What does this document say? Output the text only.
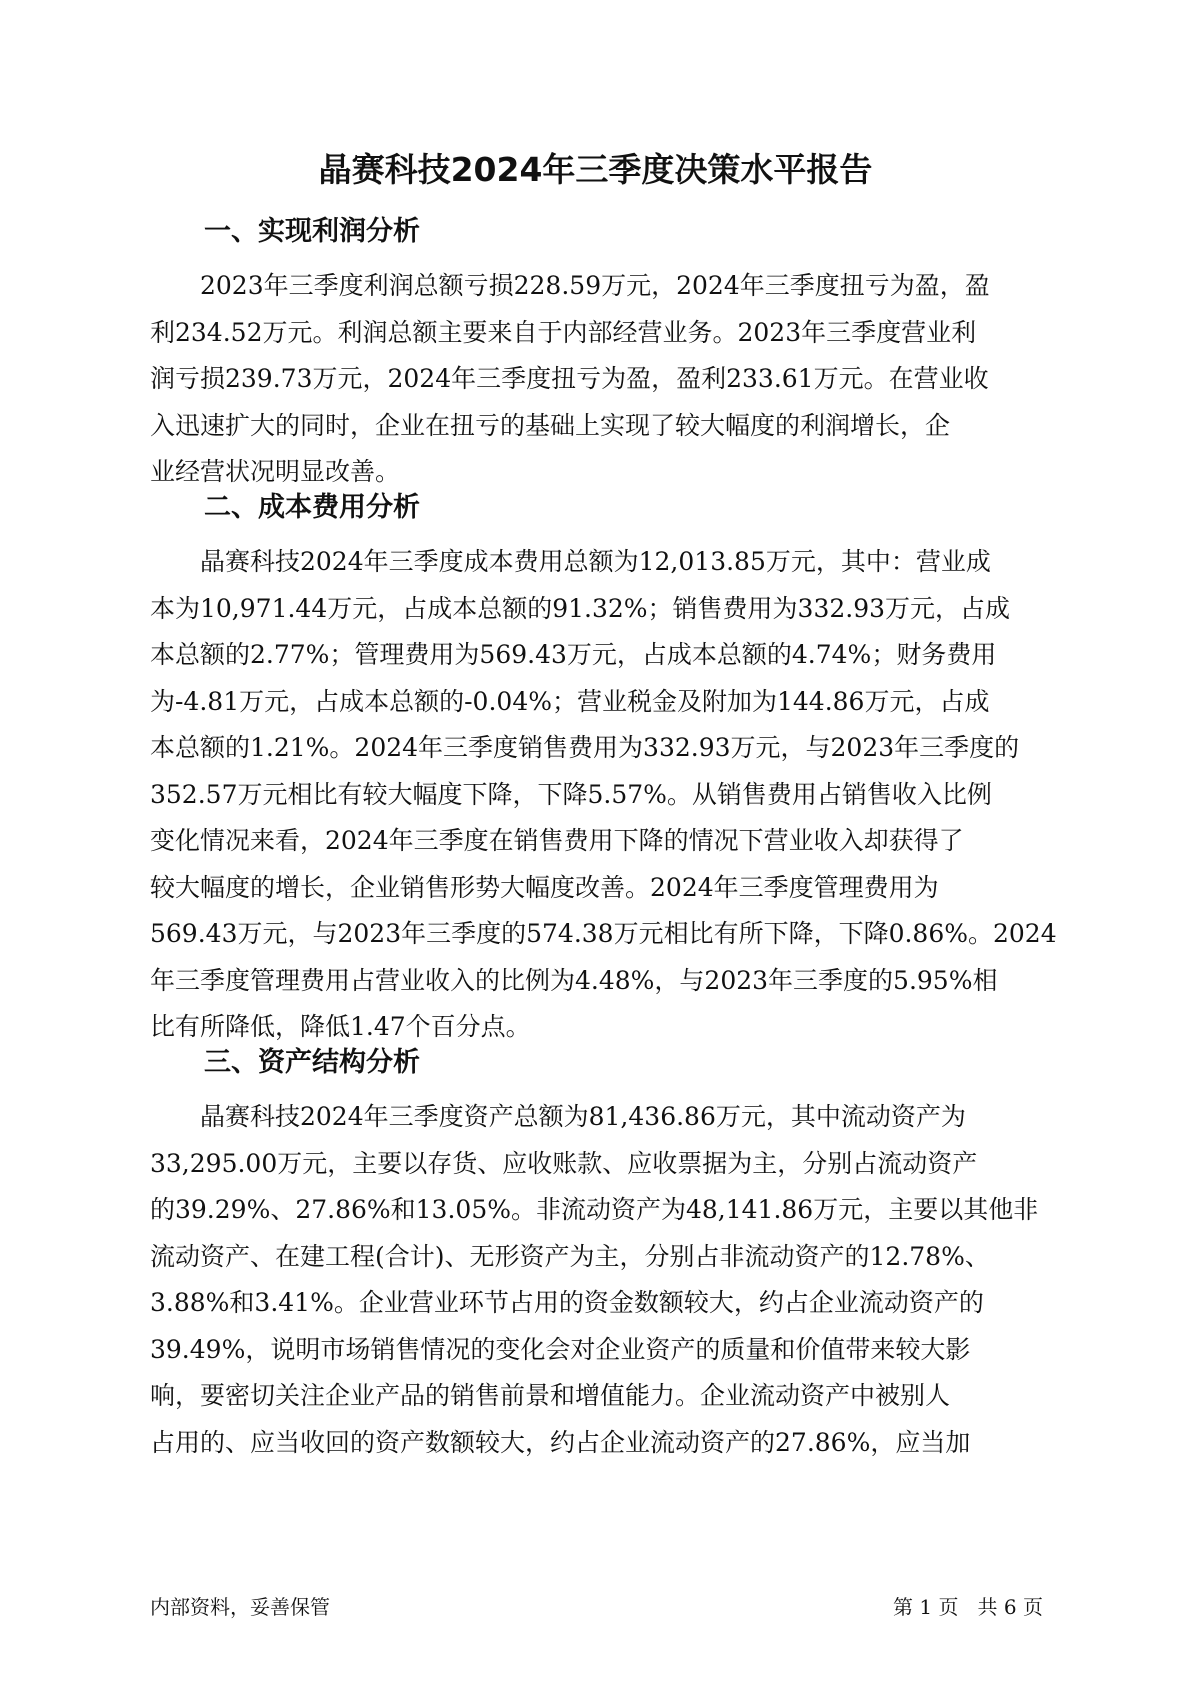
晶赛科技2024年三季度决策水平报告
一、实现利润分析
2023年三季度利润总额亏损228.59万元，2024年三季度扭亏为盈，盈
利234.52万元。利润总额主要来自于内部经营业务。2023年三季度营业利
润亏损239.73万元，2024年三季度扭亏为盈，盈利233.61万元。在营业收
入迅速扩大的同时，企业在扭亏的基础上实现了较大幅度的利润增长，企
业经营状况明显改善。
二、成本费用分析
晶赛科技2024年三季度成本费用总额为12,013.85万元，其中：营业成
本为10,971.44万元，占成本总额的91.32%；销售费用为332.93万元，占成
本总额的2.77%；管理费用为569.43万元，占成本总额的4.74%；财务费用
为-4.81万元，占成本总额的-0.04%；营业税金及附加为144.86万元，占成
本总额的1.21%。2024年三季度销售费用为332.93万元，与2023年三季度的
352.57万元相比有较大幅度下降，下降5.57%。从销售费用占销售收入比例
变化情况来看，2024年三季度在销售费用下降的情况下营业收入却获得了
较大幅度的增长，企业销售形势大幅度改善。2024年三季度管理费用为
569.43万元，与2023年三季度的574.38万元相比有所下降，下降0.86%。2024
年三季度管理费用占营业收入的比例为4.48%，与2023年三季度的5.95%相
比有所降低，降低1.47个百分点。
三、资产结构分析
晶赛科技2024年三季度资产总额为81,436.86万元，其中流动资产为
33,295.00万元，主要以存货、应收账款、应收票据为主，分别占流动资产
的39.29%、27.86%和13.05%。非流动资产为48,141.86万元，主要以其他非
流动资产、在建工程(合计)、无形资产为主，分别占非流动资产的12.78%、
3.88%和3.41%。企业营业环节占用的资金数额较大，约占企业流动资产的
39.49%，说明市场销售情况的变化会对企业资产的质量和价值带来较大影
响，要密切关注企业产品的销售前景和增值能力。企业流动资产中被别人
占用的、应当收回的资产数额较大，约占企业流动资产的27.86%，应当加
内部资料，妥善保管	第 1 页   共 6 页
